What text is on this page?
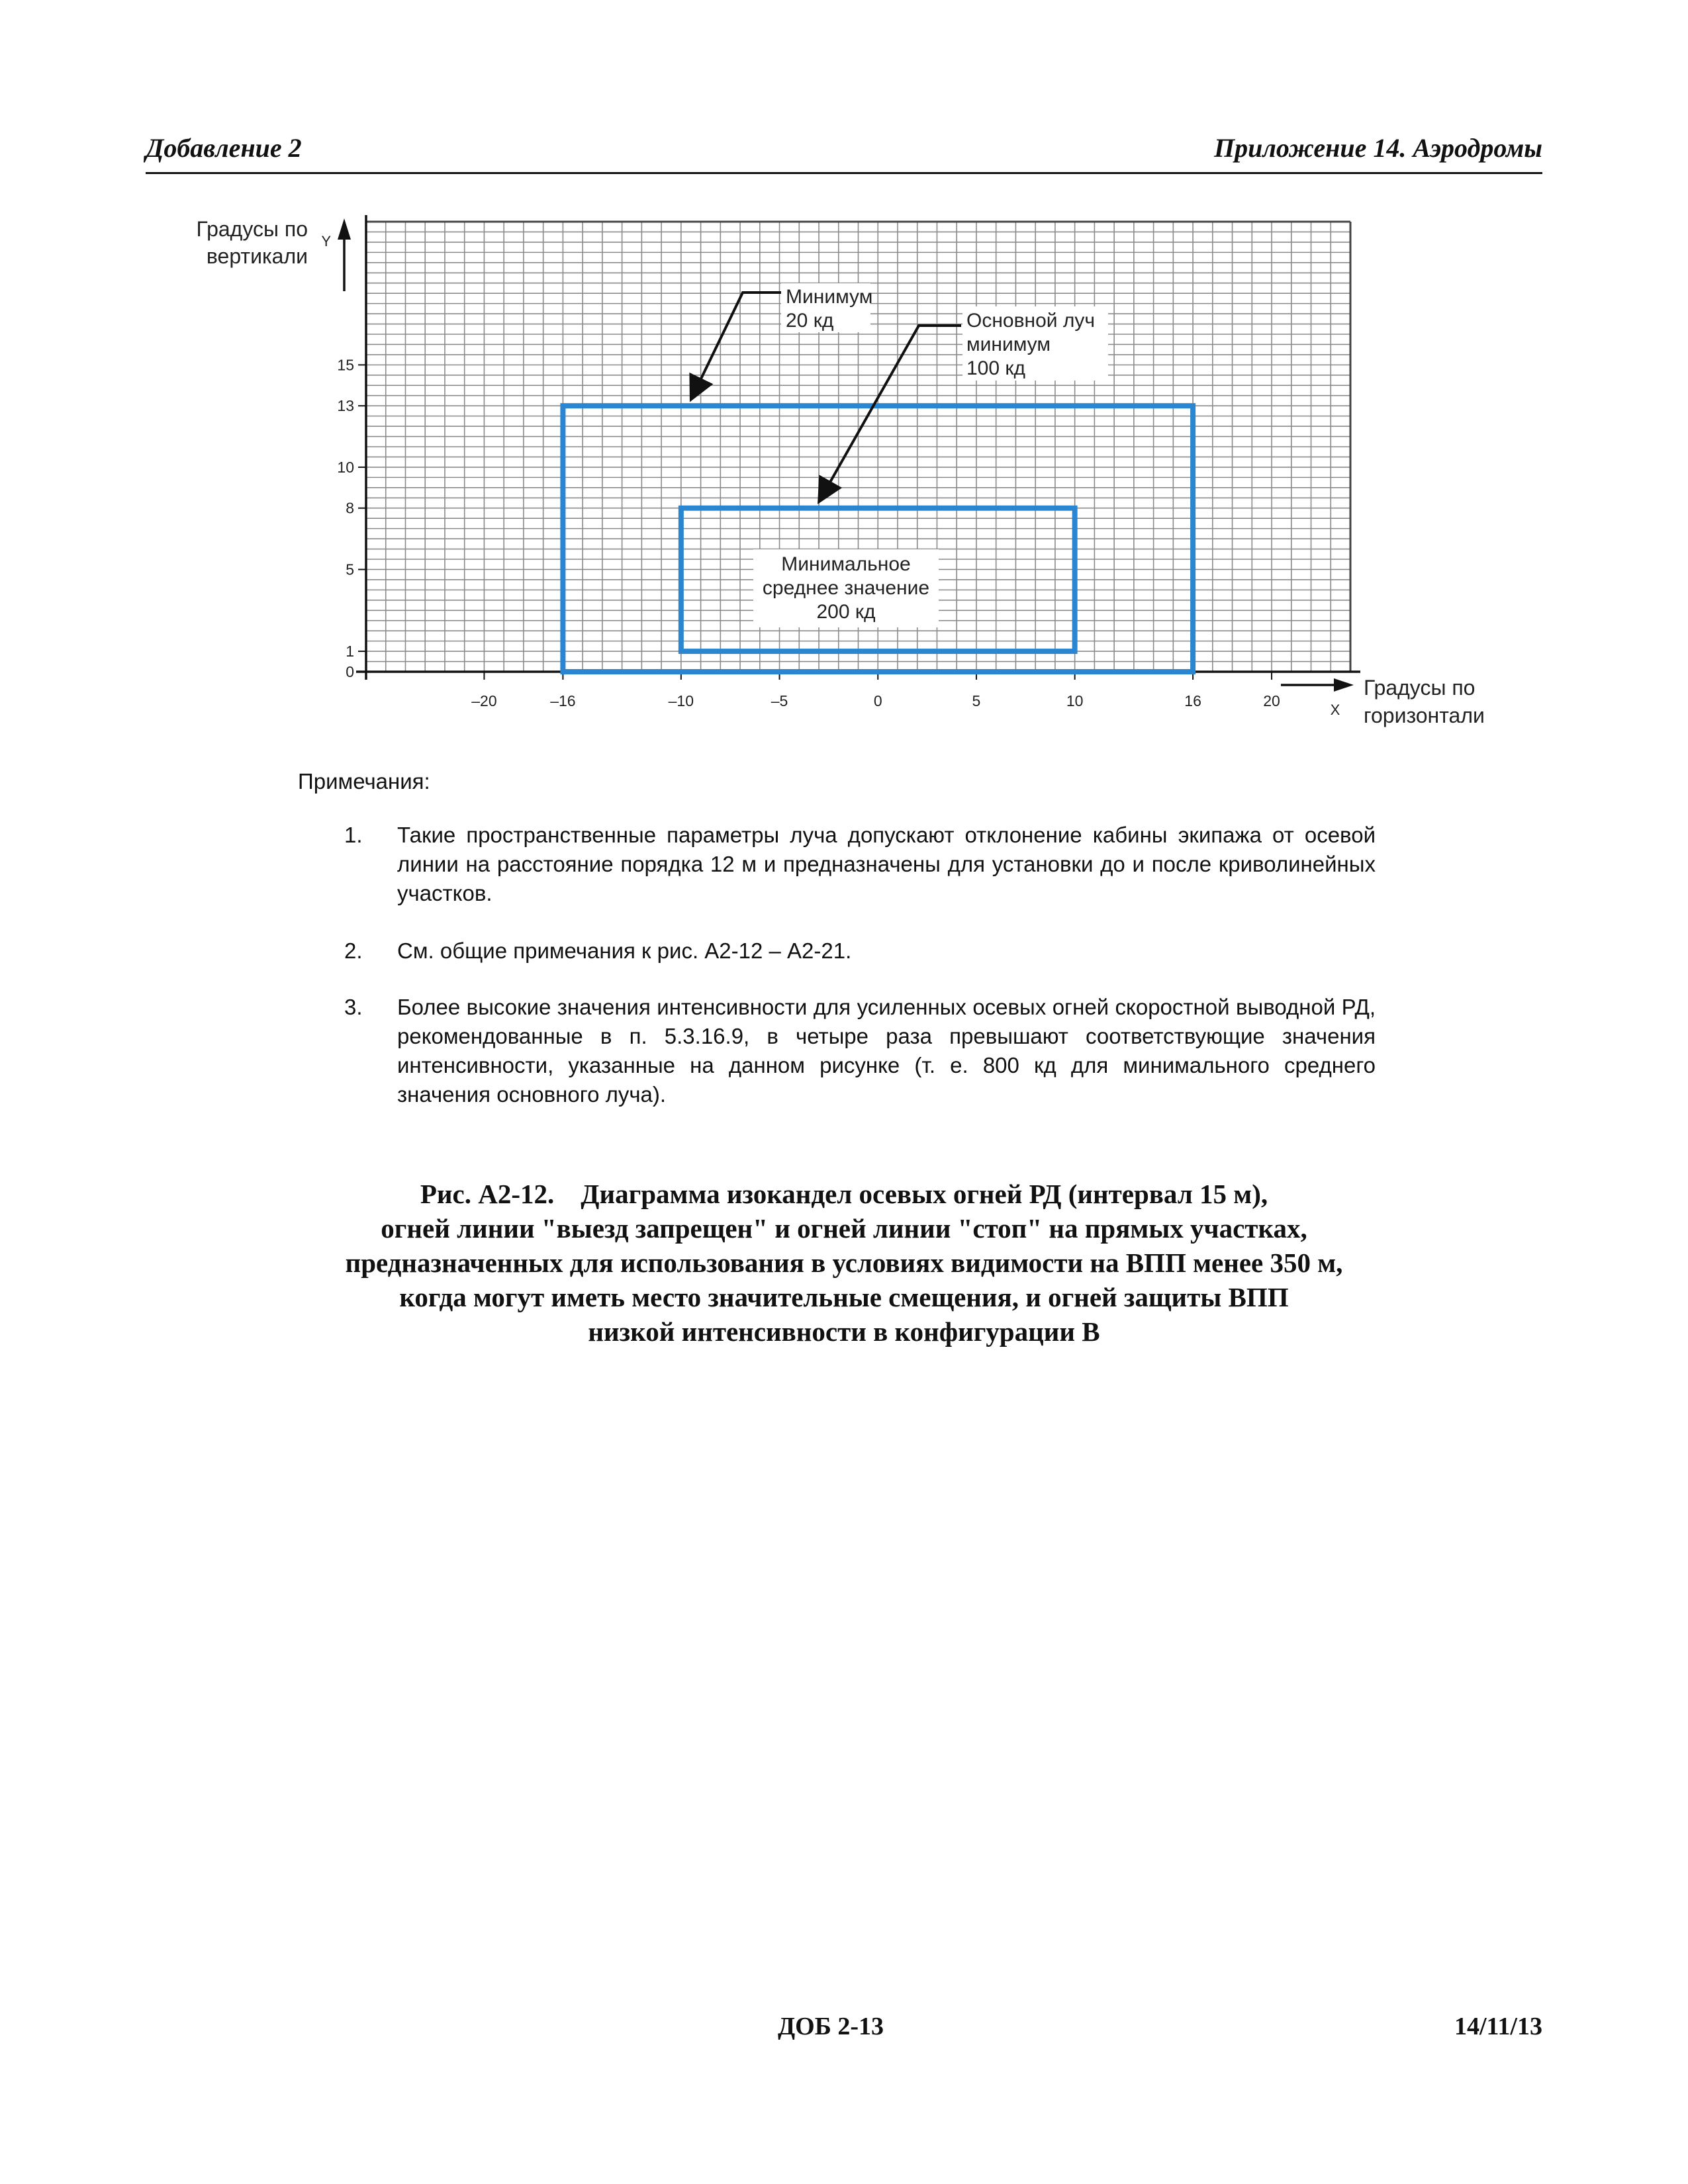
Добавление 2	Приложение 14. Аэродромы
0
1
5
8
10
13
15
–20	–16	–10	–5	0	5	10	16	20
Градусы по
вертикали
Y
Градусы по
горизонтали
X
Минимум
20 кд	Основной луч
минимум
100 кд
Минимальное
среднее значение
200 кд
Примечания:
1. Такие пространственные параметры луча допускают отклонение кабины экипажа от осевой линии на расстояние порядка 12 м и предназначены для установки до и после криволинейных участков.
2. См. общие примечания к рис. А2-12 – А2-21.
3. Более высокие значения интенсивности для усиленных осевых огней скоростной выводной РД, рекомендованные в п. 5.3.16.9, в четыре раза превышают соответствующие значения интенсивности, указанные на данном рисунке (т. е. 800 кд для минимального среднего значения основного луча).
Рис. А2-12. Диаграмма изокандел осевых огней РД (интервал 15 м),
огней линии "выезд запрещен" и огней линии "стоп" на прямых участках,
предназначенных для использования в условиях видимости на ВПП менее 350 м,
когда могут иметь место значительные смещения, и огней защиты ВПП
низкой интенсивности в конфигурации В
ДОБ 2-13	14/11/13
